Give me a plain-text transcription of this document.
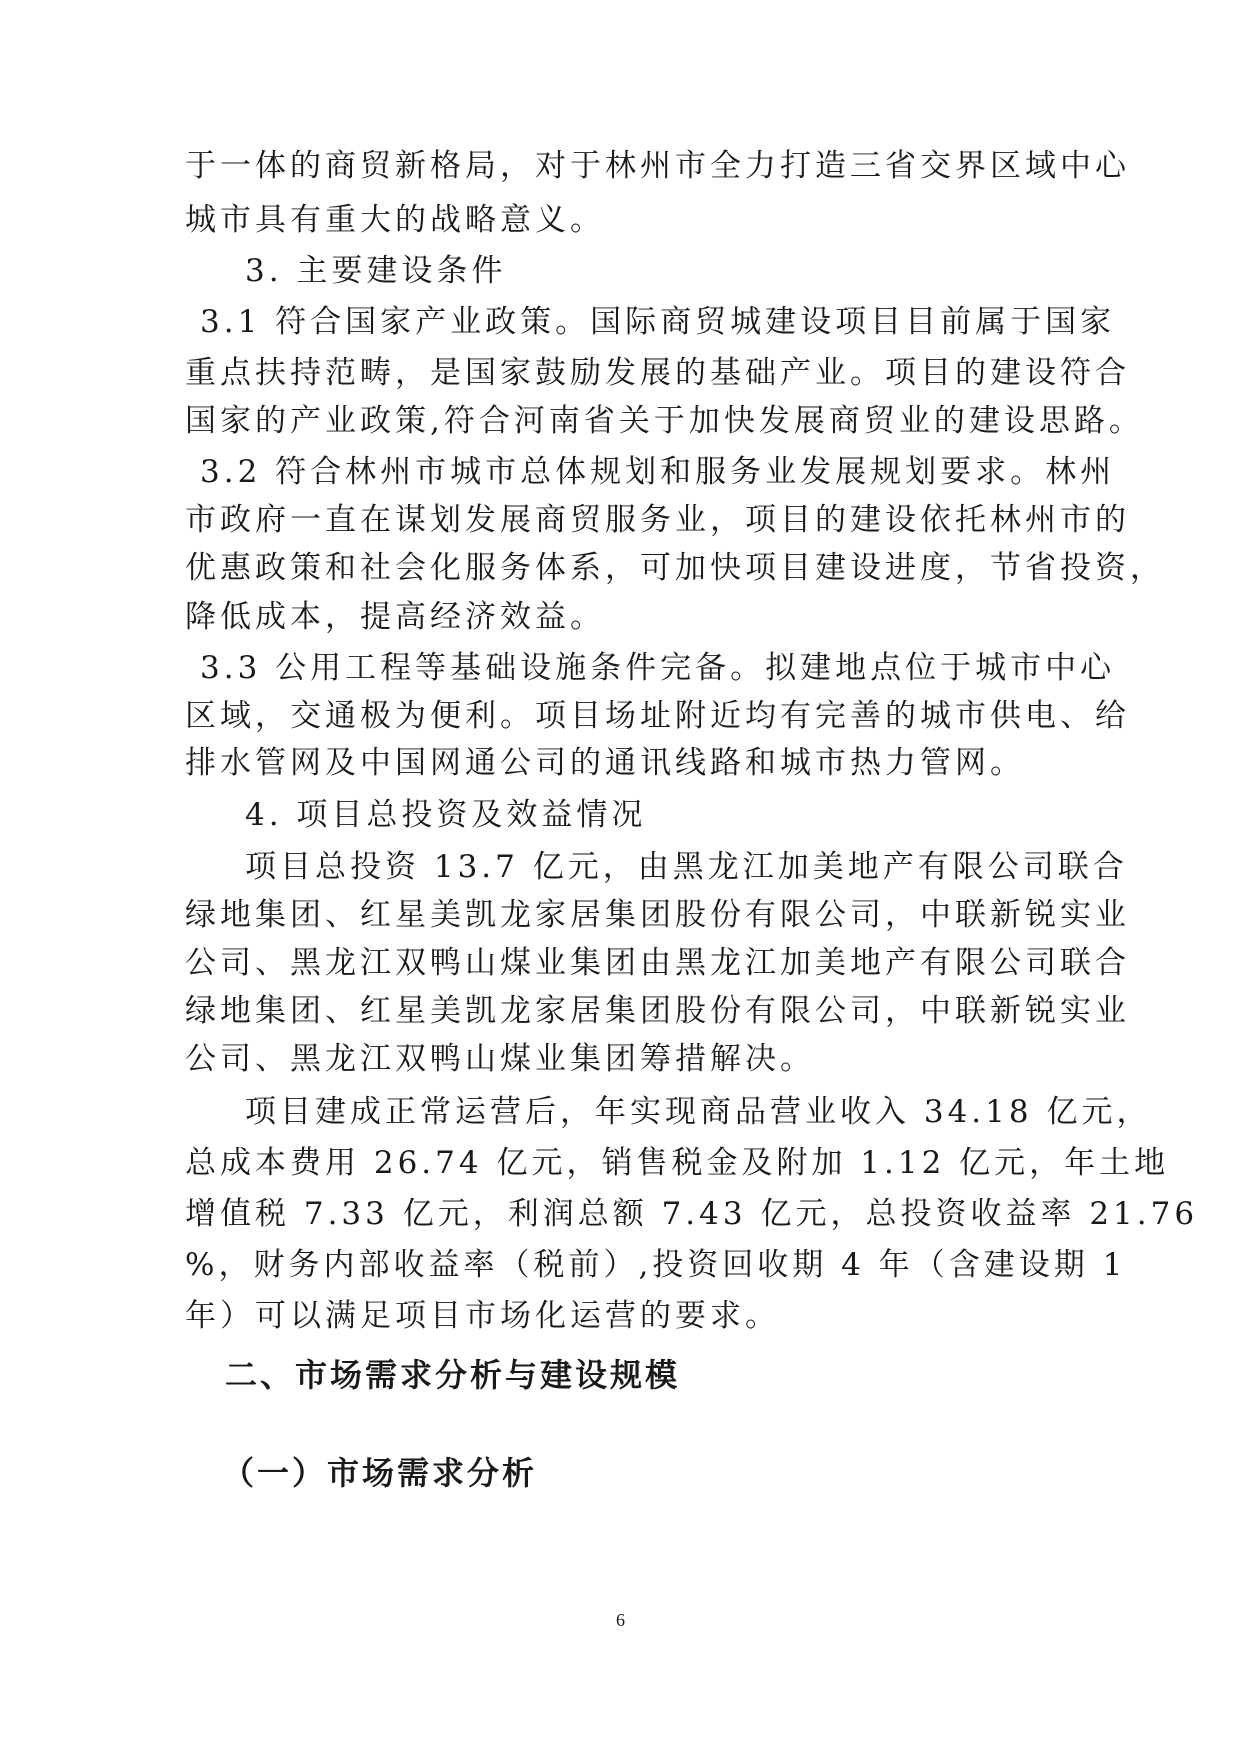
于一体的商贸新格局，对于林州市全力打造三省交界区域中心
城市具有重大的战略意义。
3. 主要建设条件
3.1 符合国家产业政策。国际商贸城建设项目目前属于国家
重点扶持范畴，是国家鼓励发展的基础产业。项目的建设符合
国家的产业政策,符合河南省关于加快发展商贸业的建设思路。
3.2 符合林州市城市总体规划和服务业发展规划要求。林州
市政府一直在谋划发展商贸服务业，项目的建设依托林州市的
优惠政策和社会化服务体系，可加快项目建设进度，节省投资，
降低成本，提高经济效益。
3.3 公用工程等基础设施条件完备。拟建地点位于城市中心
区域，交通极为便利。项目场址附近均有完善的城市供电、给
排水管网及中国网通公司的通讯线路和城市热力管网。
4. 项目总投资及效益情况
项目总投资 13.7 亿元，由黑龙江加美地产有限公司联合
绿地集团、红星美凯龙家居集团股份有限公司，中联新锐实业
公司、黑龙江双鸭山煤业集团由黑龙江加美地产有限公司联合
绿地集团、红星美凯龙家居集团股份有限公司，中联新锐实业
公司、黑龙江双鸭山煤业集团筹措解决。
项目建成正常运营后，年实现商品营业收入 34.18 亿元，
总成本费用 26.74 亿元，销售税金及附加 1.12 亿元，年土地
增值税 7.33 亿元，利润总额 7.43 亿元，总投资收益率 21.76
%，财务内部收益率（税前）,投资回收期 4 年（含建设期 1
年）可以满足项目市场化运营的要求。
二、市场需求分析与建设规模
（一）市场需求分析
6
